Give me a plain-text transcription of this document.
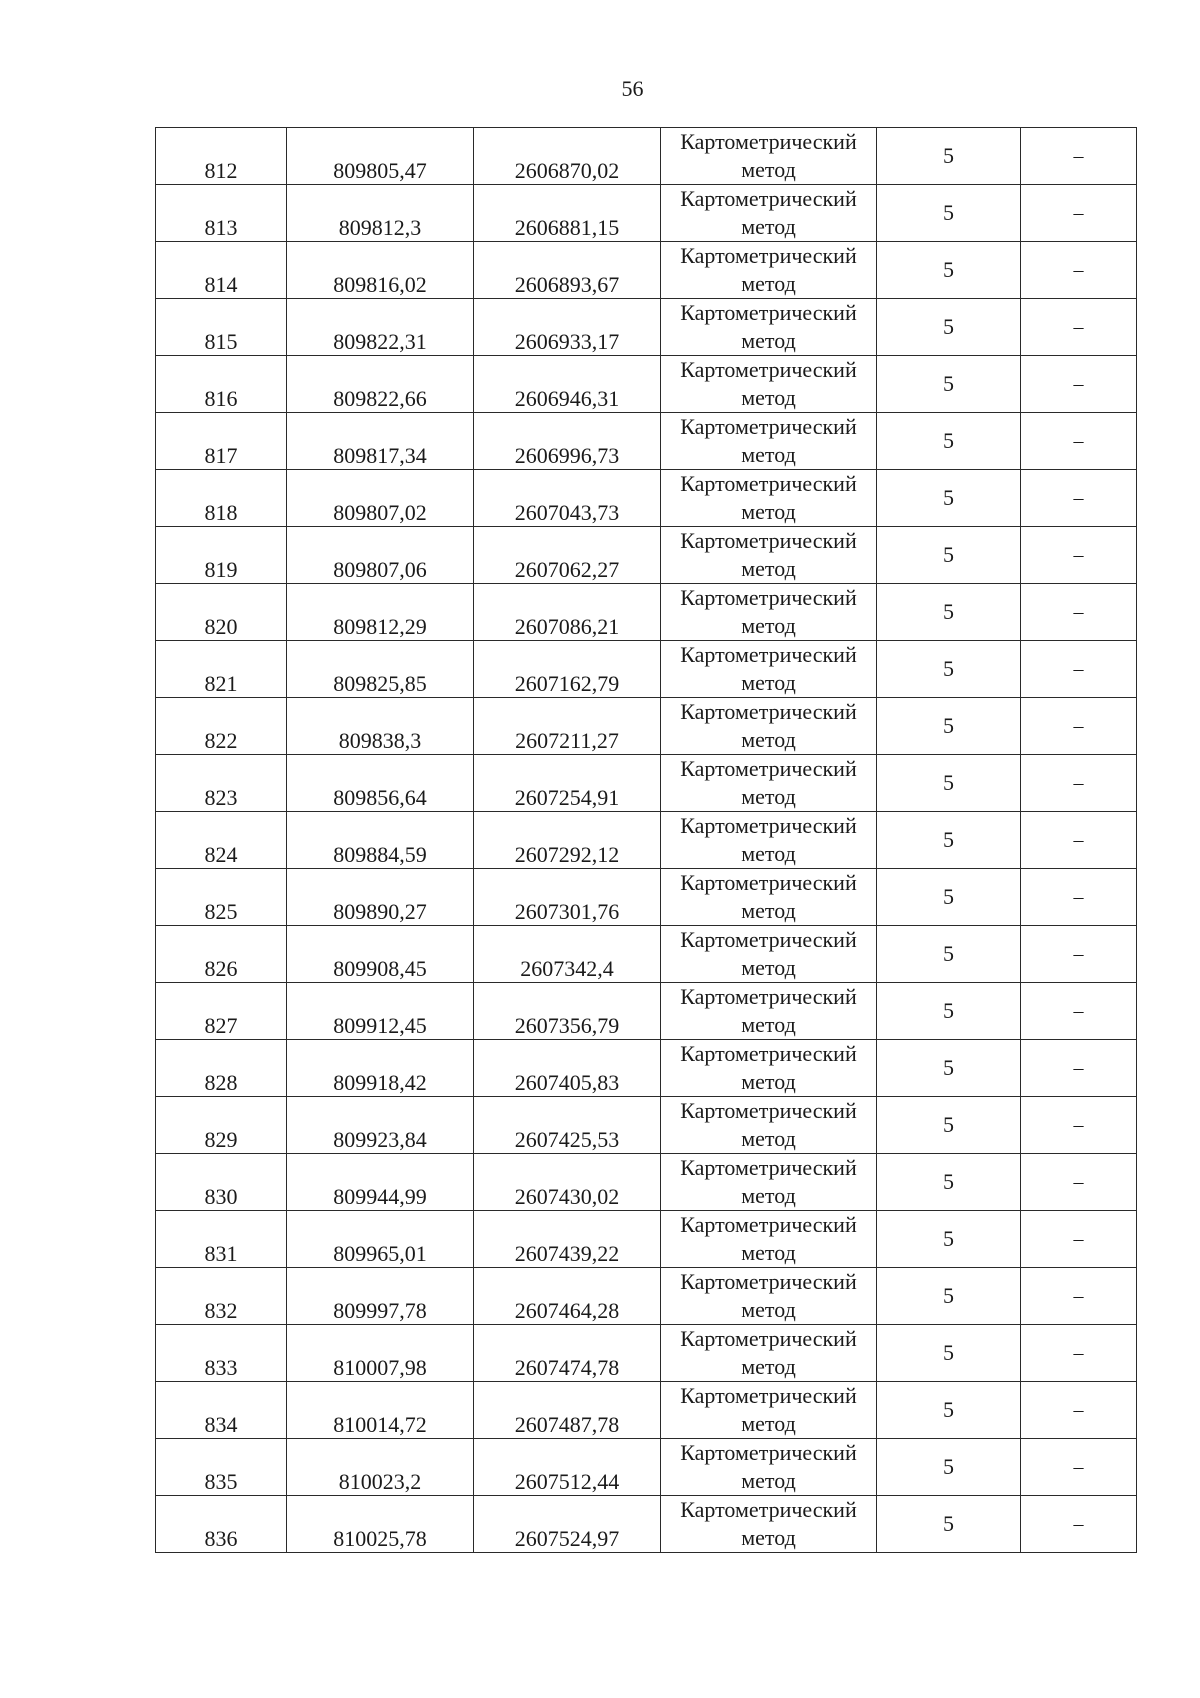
56
812	809805,47	2606870,02	Картометрический метод	5	–
813	809812,3	2606881,15	Картометрический метод	5	–
814	809816,02	2606893,67	Картометрический метод	5	–
815	809822,31	2606933,17	Картометрический метод	5	–
816	809822,66	2606946,31	Картометрический метод	5	–
817	809817,34	2606996,73	Картометрический метод	5	–
818	809807,02	2607043,73	Картометрический метод	5	–
819	809807,06	2607062,27	Картометрический метод	5	–
820	809812,29	2607086,21	Картометрический метод	5	–
821	809825,85	2607162,79	Картометрический метод	5	–
822	809838,3	2607211,27	Картометрический метод	5	–
823	809856,64	2607254,91	Картометрический метод	5	–
824	809884,59	2607292,12	Картометрический метод	5	–
825	809890,27	2607301,76	Картометрический метод	5	–
826	809908,45	2607342,4	Картометрический метод	5	–
827	809912,45	2607356,79	Картометрический метод	5	–
828	809918,42	2607405,83	Картометрический метод	5	–
829	809923,84	2607425,53	Картометрический метод	5	–
830	809944,99	2607430,02	Картометрический метод	5	–
831	809965,01	2607439,22	Картометрический метод	5	–
832	809997,78	2607464,28	Картометрический метод	5	–
833	810007,98	2607474,78	Картометрический метод	5	–
834	810014,72	2607487,78	Картометрический метод	5	–
835	810023,2	2607512,44	Картометрический метод	5	–
836	810025,78	2607524,97	Картометрический метод	5	–
